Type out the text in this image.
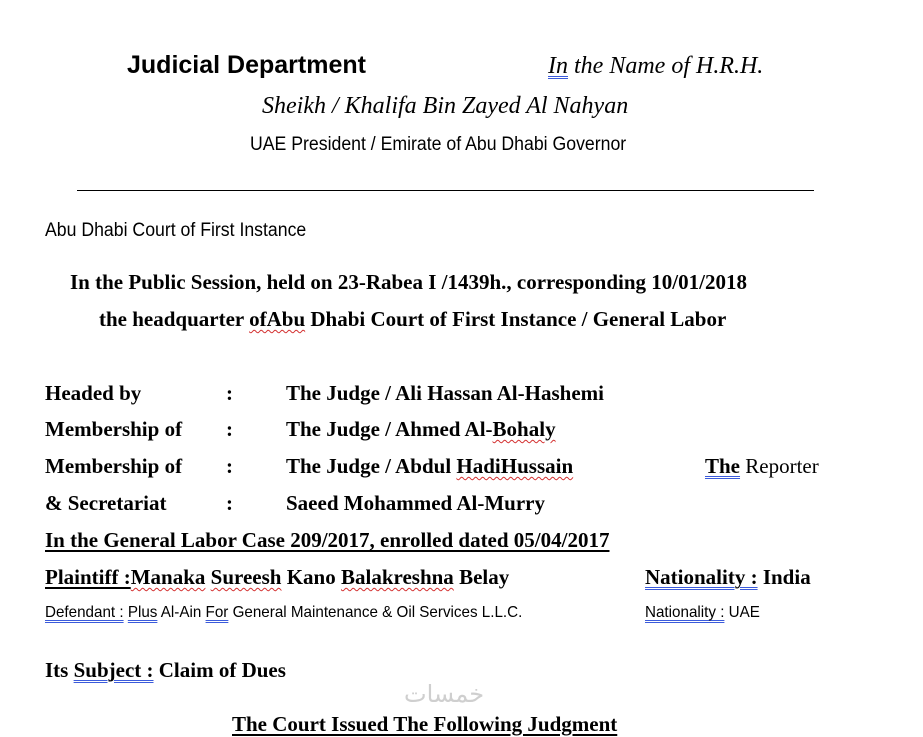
Judicial Department	In the Name of H.R.H.
Sheikh / Khalifa Bin Zayed Al Nahyan
UAE President / Emirate of Abu Dhabi Governor
Abu Dhabi Court of First Instance
In the Public Session, held on 23-Rabea I /1439h., corresponding 10/01/2018
the headquarter ofAbu Dhabi Court of First Instance / General Labor
Headed by	:	The Judge / Ali Hassan Al-Hashemi
Membership of :	The Judge / Ahmed Al-Bohaly
Membership of :	The Judge / Abdul HadiHussain	The Reporter
& Secretariat	:	Saeed Mohammed Al-Murry
In the General Labor Case 209/2017, enrolled dated 05/04/2017
Plaintiff :Manaka Sureesh Kano Balakreshna Belay	Nationality : India
Defendant : Plus Al-Ain For General Maintenance & Oil Services L.L.C.	Nationality : UAE
Its Subject : Claim of Dues
خمسات
The Court Issued The Following Judgment
